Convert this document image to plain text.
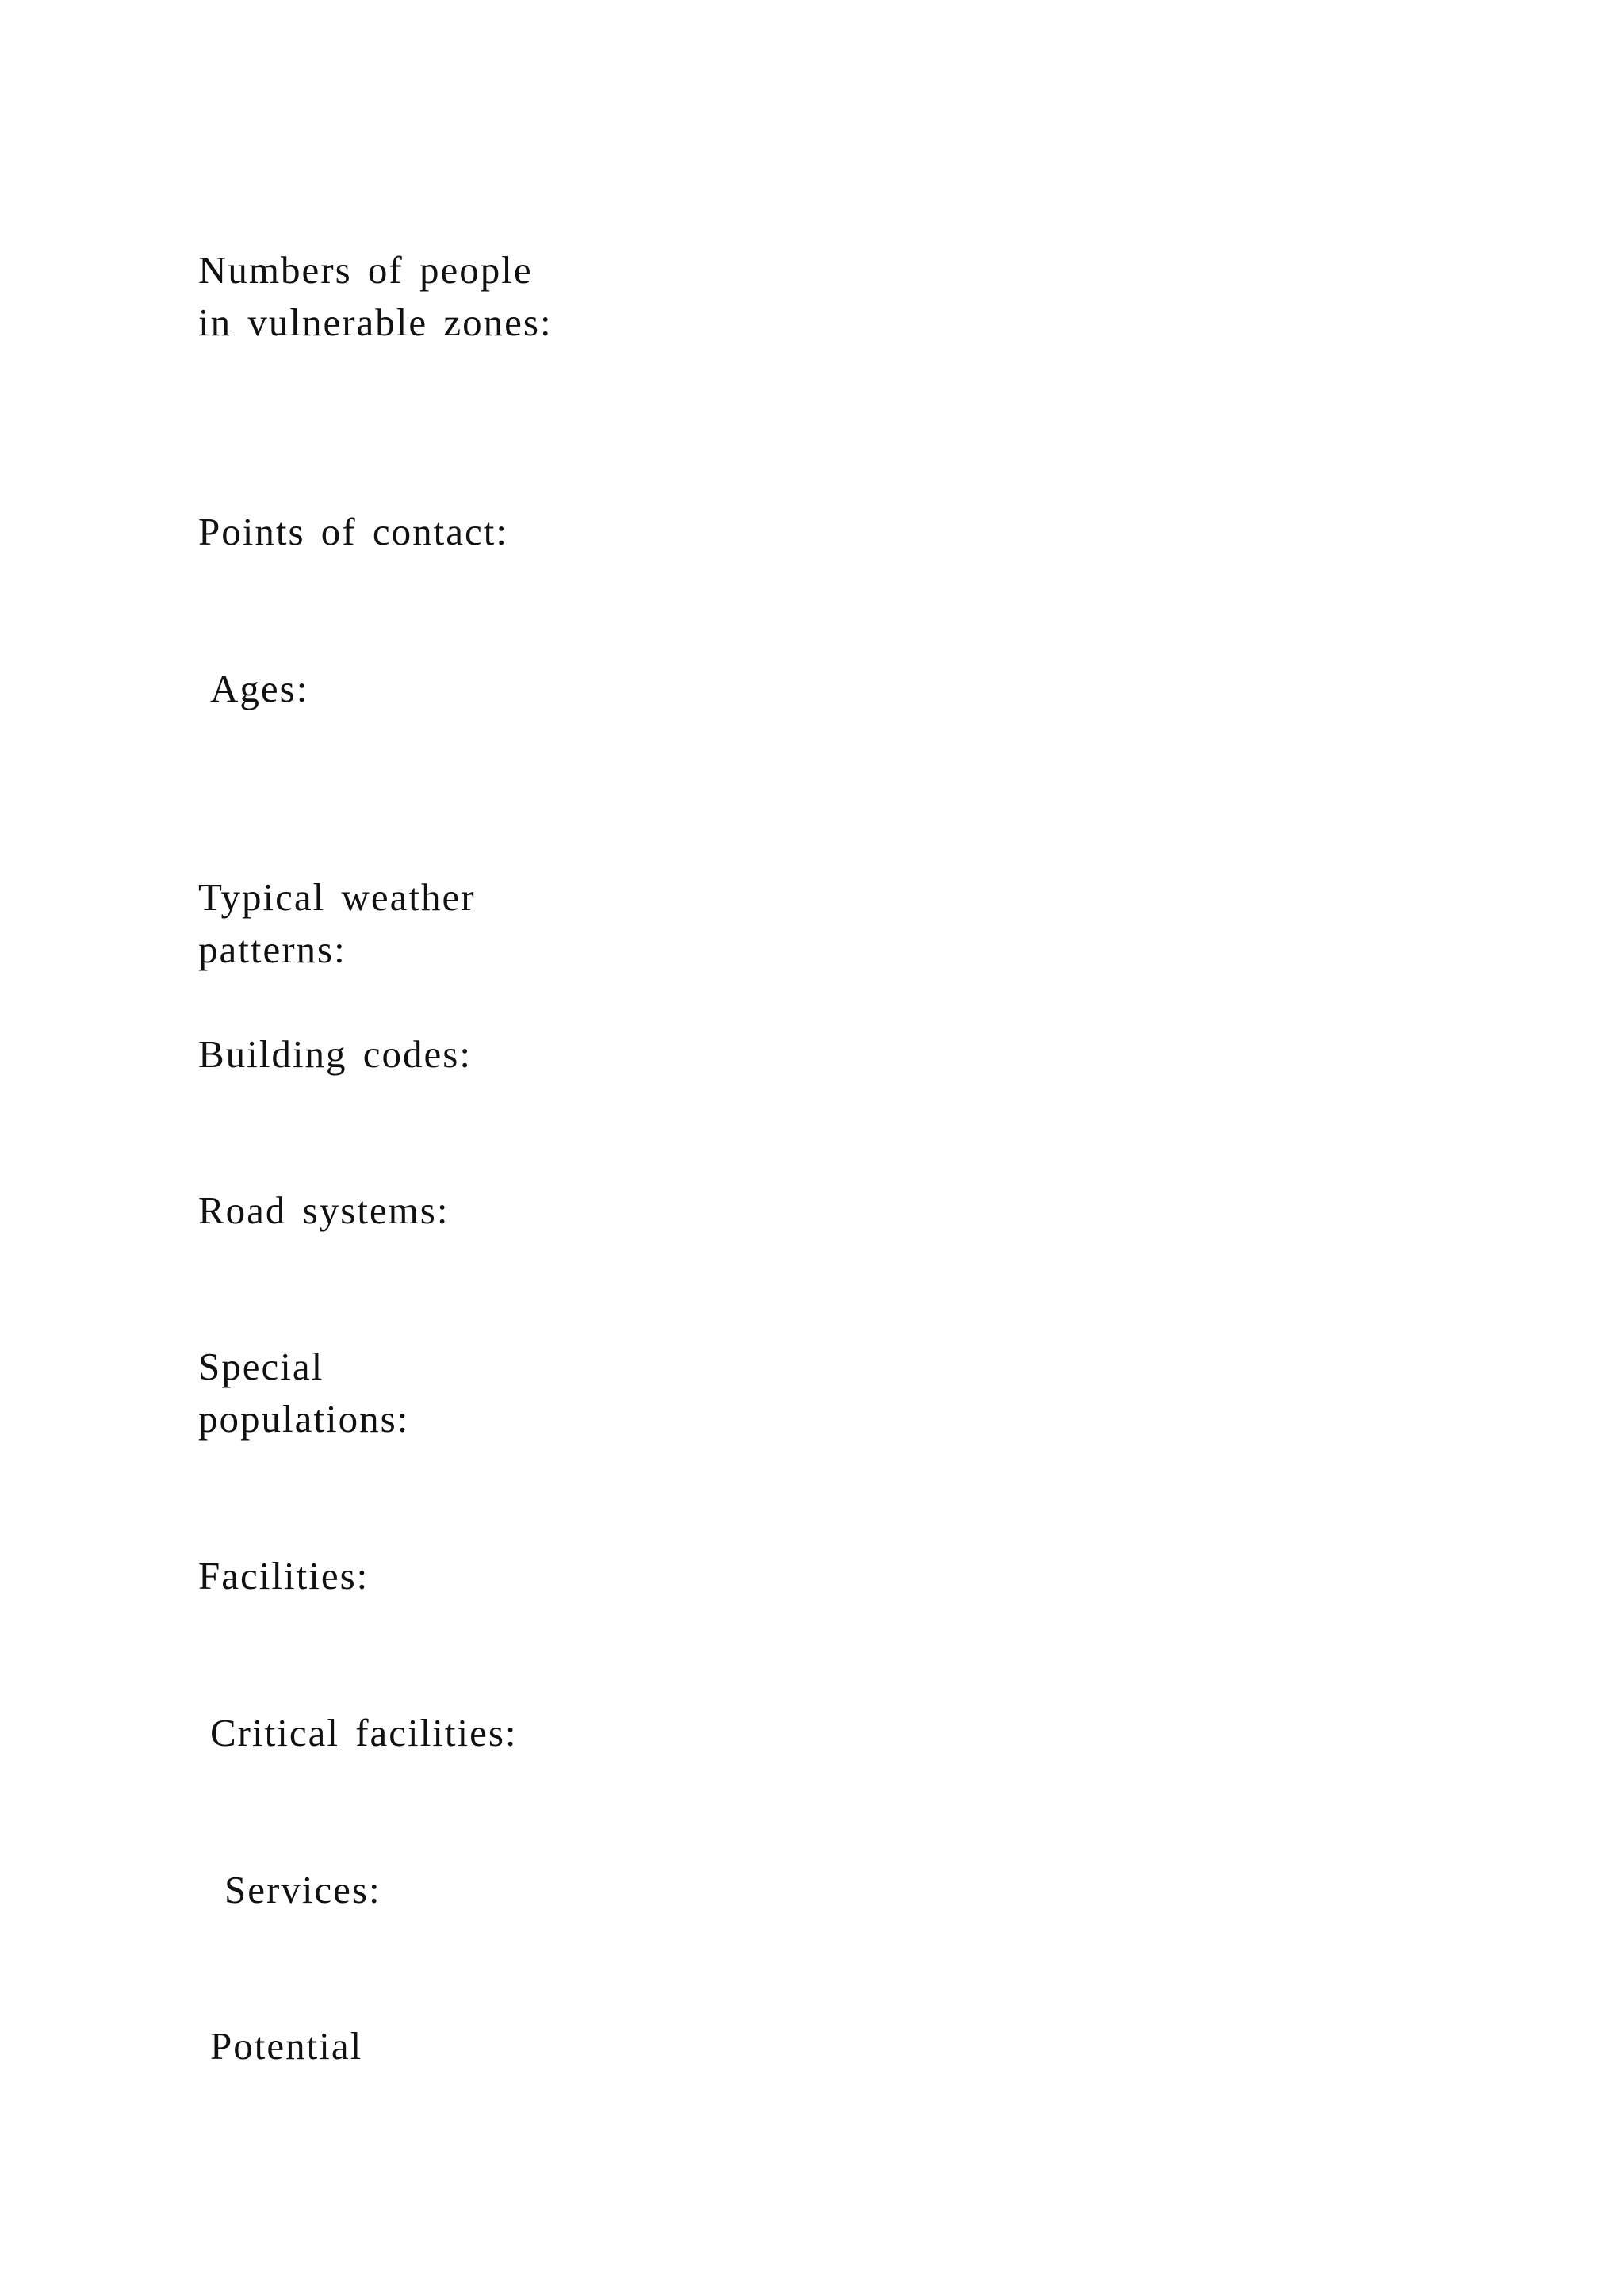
Numbers of people in vulnerable zones:
Points of contact:
Ages:
Typical weather patterns:
Building codes:
Road systems:
Special populations:
Facilities:
Critical facilities:
Services:
Potential
